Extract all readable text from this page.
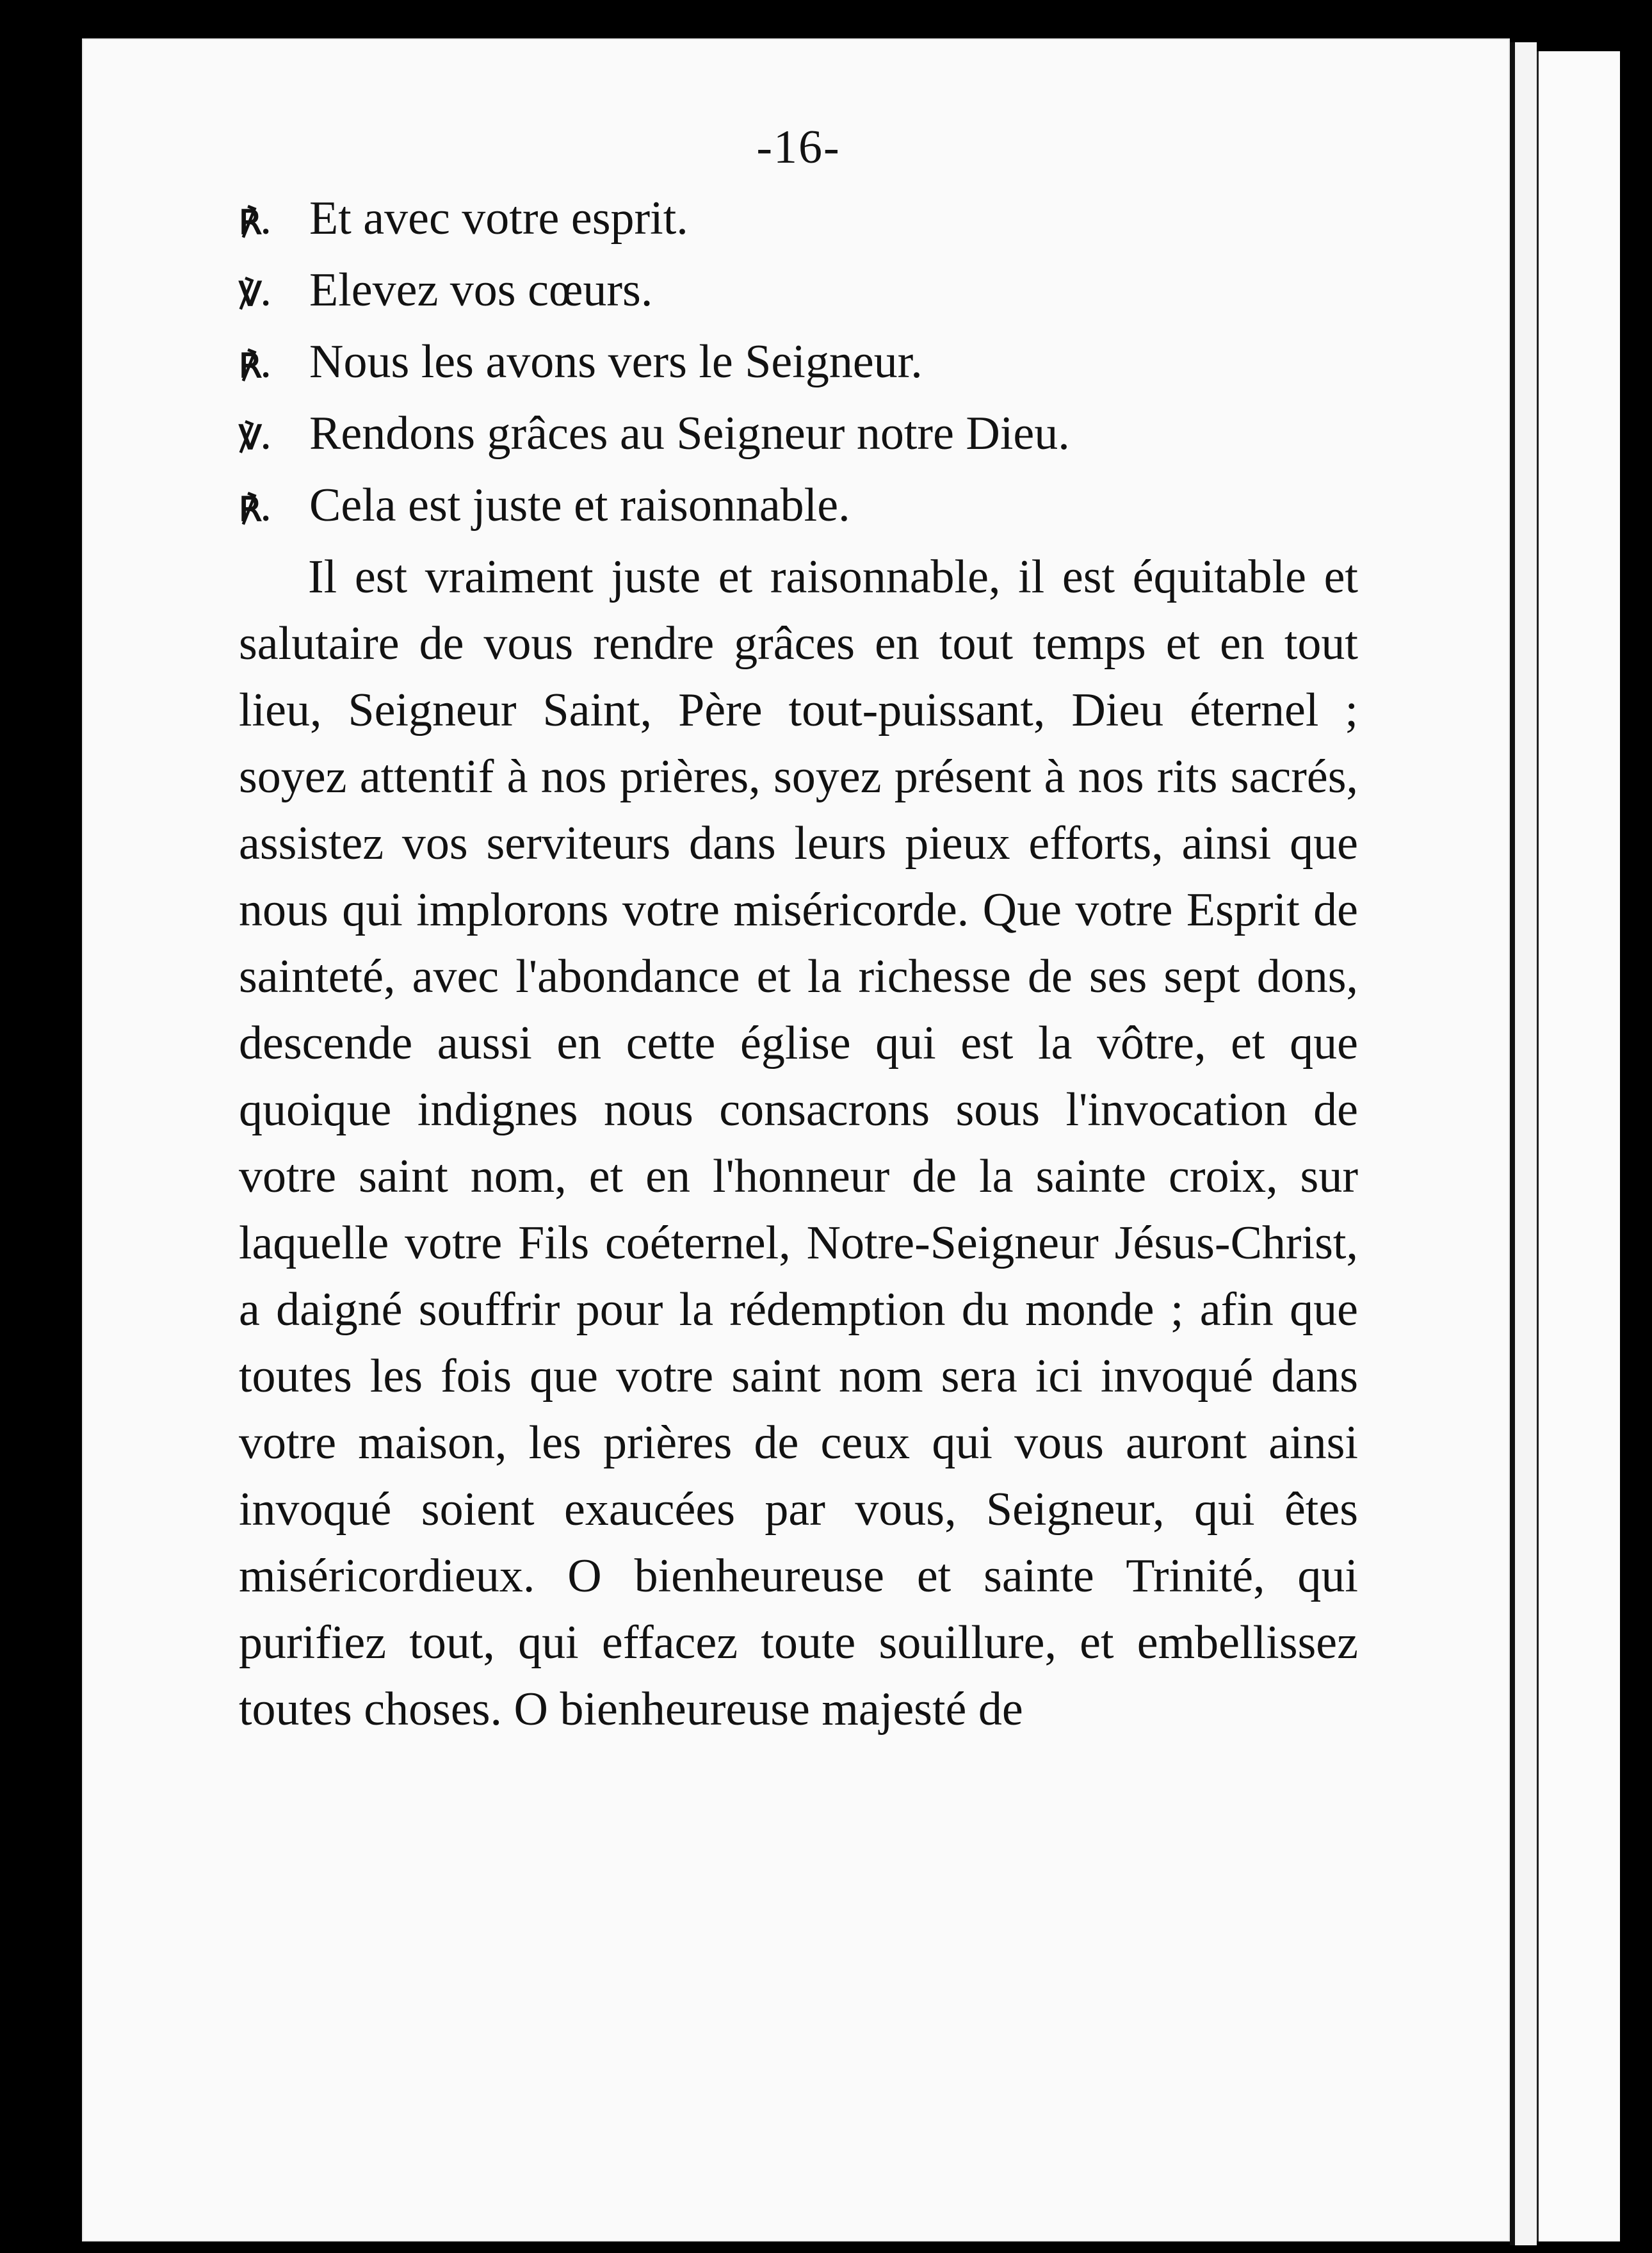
-16-
℟. Et avec votre esprit.
℣. Elevez vos cœurs.
℟. Nous les avons vers le Seigneur.
℣. Rendons grâces au Seigneur notre Dieu.
℟. Cela est juste et raisonnable.
Il est vraiment juste et raisonnable, il est équitable et salutaire de vous rendre grâces en tout temps et en tout lieu, Seigneur Saint, Père tout-puissant, Dieu éternel ; soyez attentif à nos prières, soyez présent à nos rits sacrés, assistez vos serviteurs dans leurs pieux efforts, ainsi que nous qui implorons votre miséricorde. Que votre Esprit de sainteté, avec l'abondance et la richesse de ses sept dons, descende aussi en cette église qui est la vôtre, et que quoique indignes nous consacrons sous l'invocation de votre saint nom, et en l'honneur de la sainte croix, sur laquelle votre Fils coéternel, Notre-Seigneur Jésus-Christ, a daigné souffrir pour la rédemption du monde ; afin que toutes les fois que votre saint nom sera ici invoqué dans votre maison, les prières de ceux qui vous auront ainsi invoqué soient exaucées par vous, Seigneur, qui êtes miséricordieux. O bienheureuse et sainte Trinité, qui purifiez tout, qui effacez toute souillure, et embellissez toutes choses. O bienheureuse majesté de
